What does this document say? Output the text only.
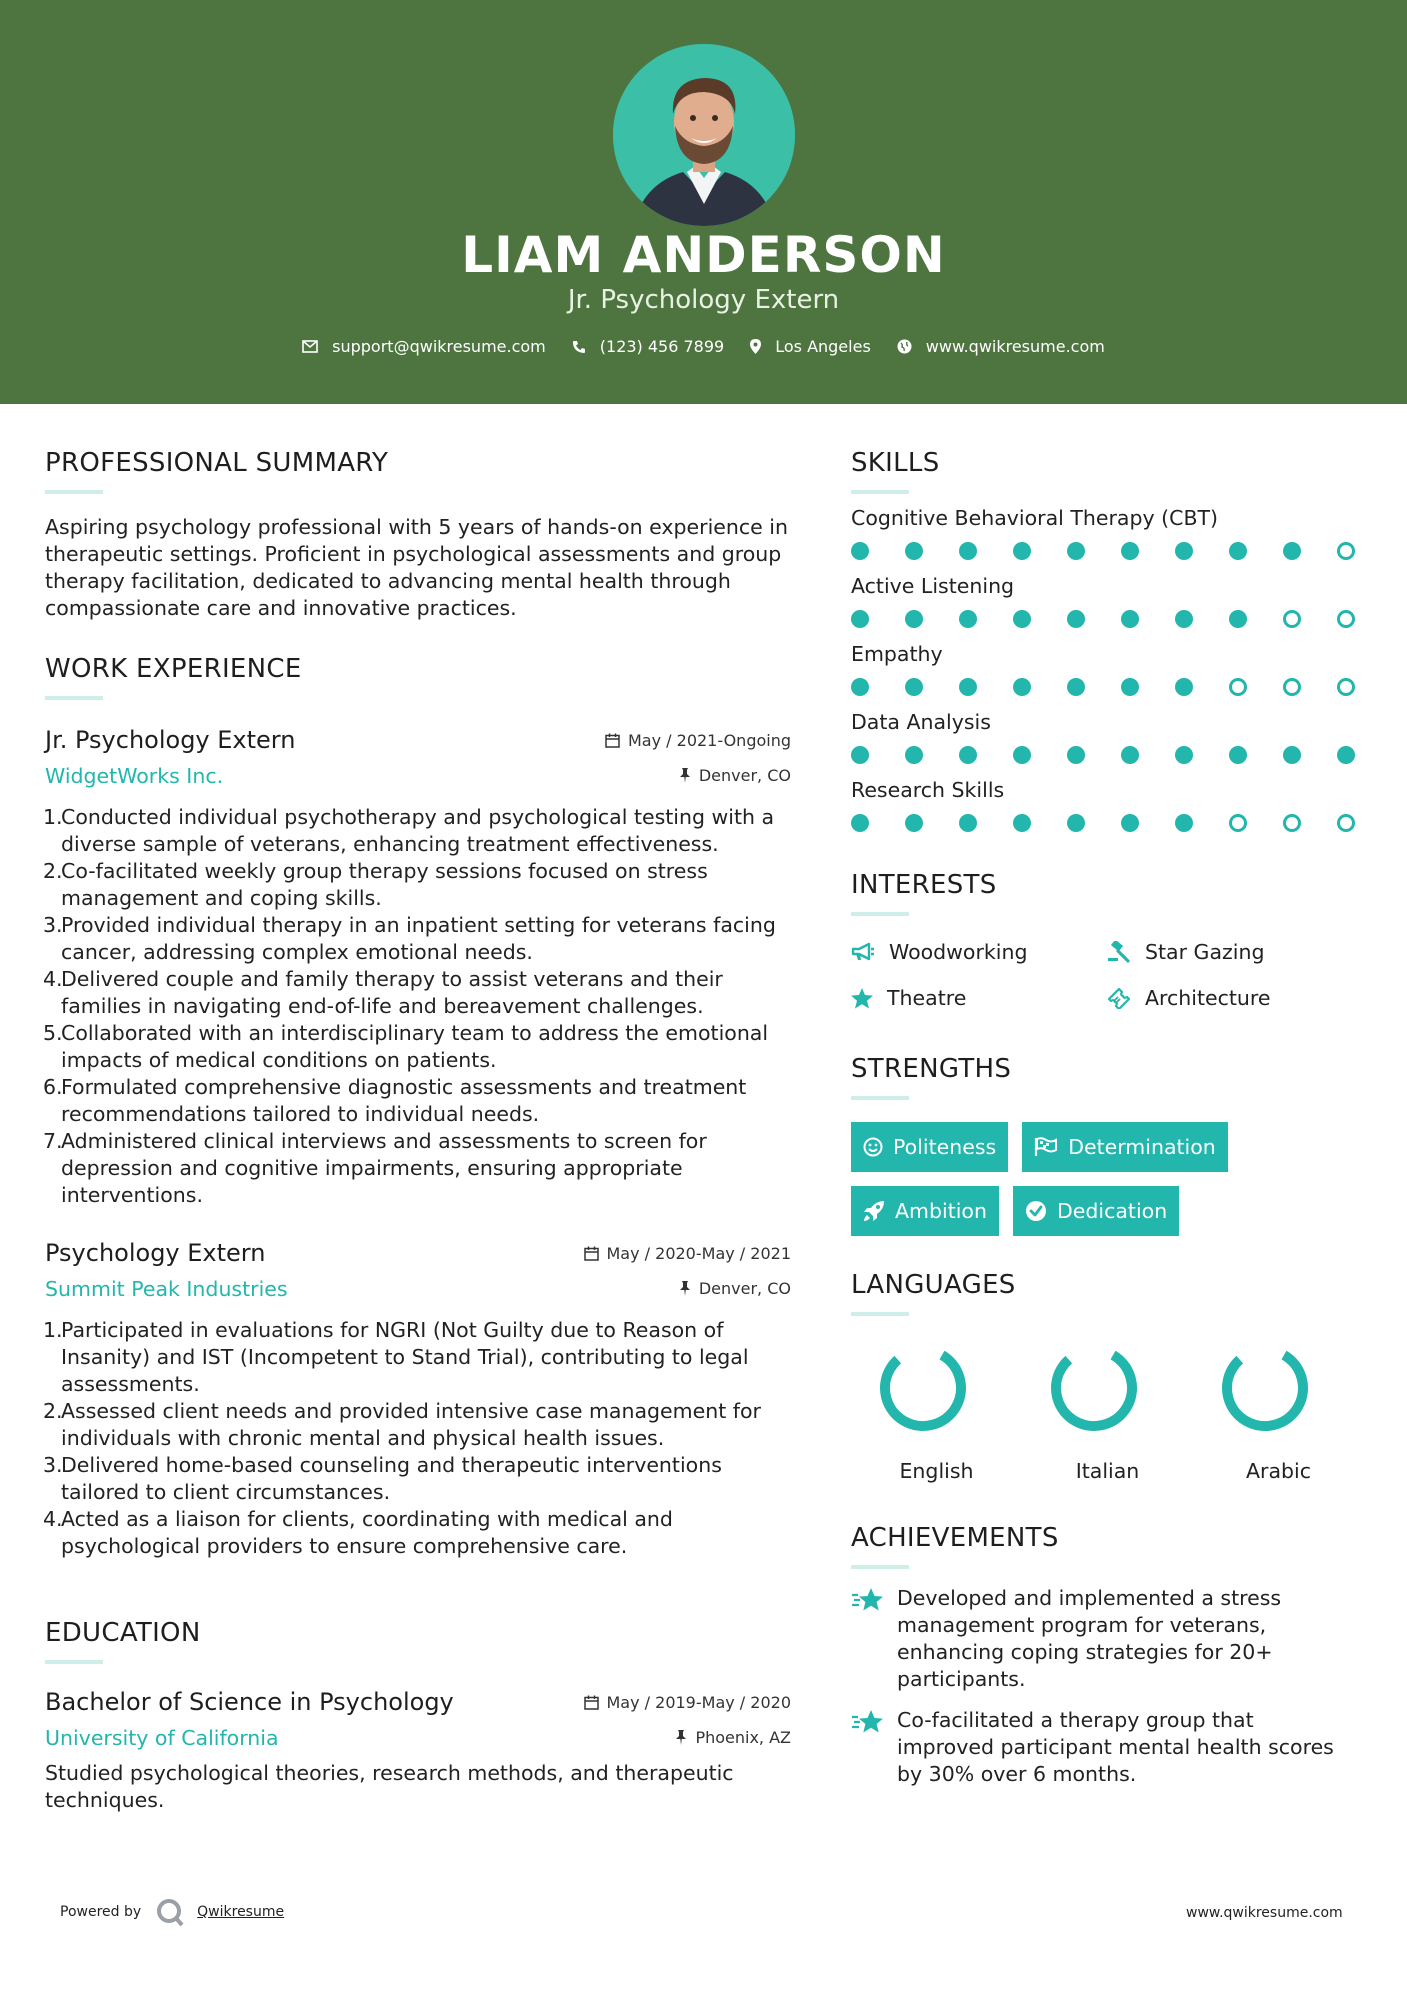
LIAM ANDERSON
Jr. Psychology Extern
support@qwikresume.com	(123) 456 7899	Los Angeles	www.qwikresume.com
PROFESSIONAL SUMMARY

Aspiring psychology professional with 5 years of hands-on experience in therapeutic settings. Proficient in psychological assessments and group therapy facilitation, dedicated to advancing mental health through compassionate care and innovative practices.

WORK EXPERIENCE
Jr. Psychology Extern	May / 2021-Ongoing
WidgetWorks Inc.	Denver, CO
1.
Conducted individual psychotherapy and psychological testing with a diverse sample of veterans, enhancing treatment effectiveness.
2.
Co-facilitated weekly group therapy sessions focused on stress management and coping skills.
3.
Provided individual therapy in an inpatient setting for veterans facing cancer, addressing complex emotional needs.
4.
Delivered couple and family therapy to assist veterans and their families in navigating end-of-life and bereavement challenges.
5.
Collaborated with an interdisciplinary team to address the emotional impacts of medical conditions on patients.
6.
Formulated comprehensive diagnostic assessments and treatment recommendations tailored to individual needs.
7.
Administered clinical interviews and assessments to screen for depression and cognitive impairments, ensuring appropriate interventions.
Psychology Extern	May / 2020-May / 2021
Summit Peak Industries	Denver, CO
1.
Participated in evaluations for NGRI (Not Guilty due to Reason of Insanity) and IST (Incompetent to Stand Trial), contributing to legal assessments.
2.
Assessed client needs and provided intensive case management for individuals with chronic mental and physical health issues.
3.
Delivered home-based counseling and therapeutic interventions tailored to client circumstances.
4.
Acted as a liaison for clients, coordinating with medical and psychological providers to ensure comprehensive care.
EDUCATION
Bachelor of Science in Psychology	May / 2019-May / 2020
University of California	Phoenix, AZ

Studied psychological theories, research methods, and therapeutic techniques.

SKILLS
Cognitive Behavioral Therapy (CBT)
Active Listening
Empathy
Data Analysis
Research Skills
INTERESTS
Woodworking	Star Gazing
Theatre	Architecture
STRENGTHS
Politeness	Determination
Ambition	Dedication
LANGUAGES
English	Italian	Arabic
ACHIEVEMENTS

Developed and implemented a stress management program for veterans, enhancing coping strategies for 20+ participants.

Co-facilitated a therapy group that improved participant mental health scores by 30% over 6 months.

Powered by	Qwikresume	www.qwikresume.com
